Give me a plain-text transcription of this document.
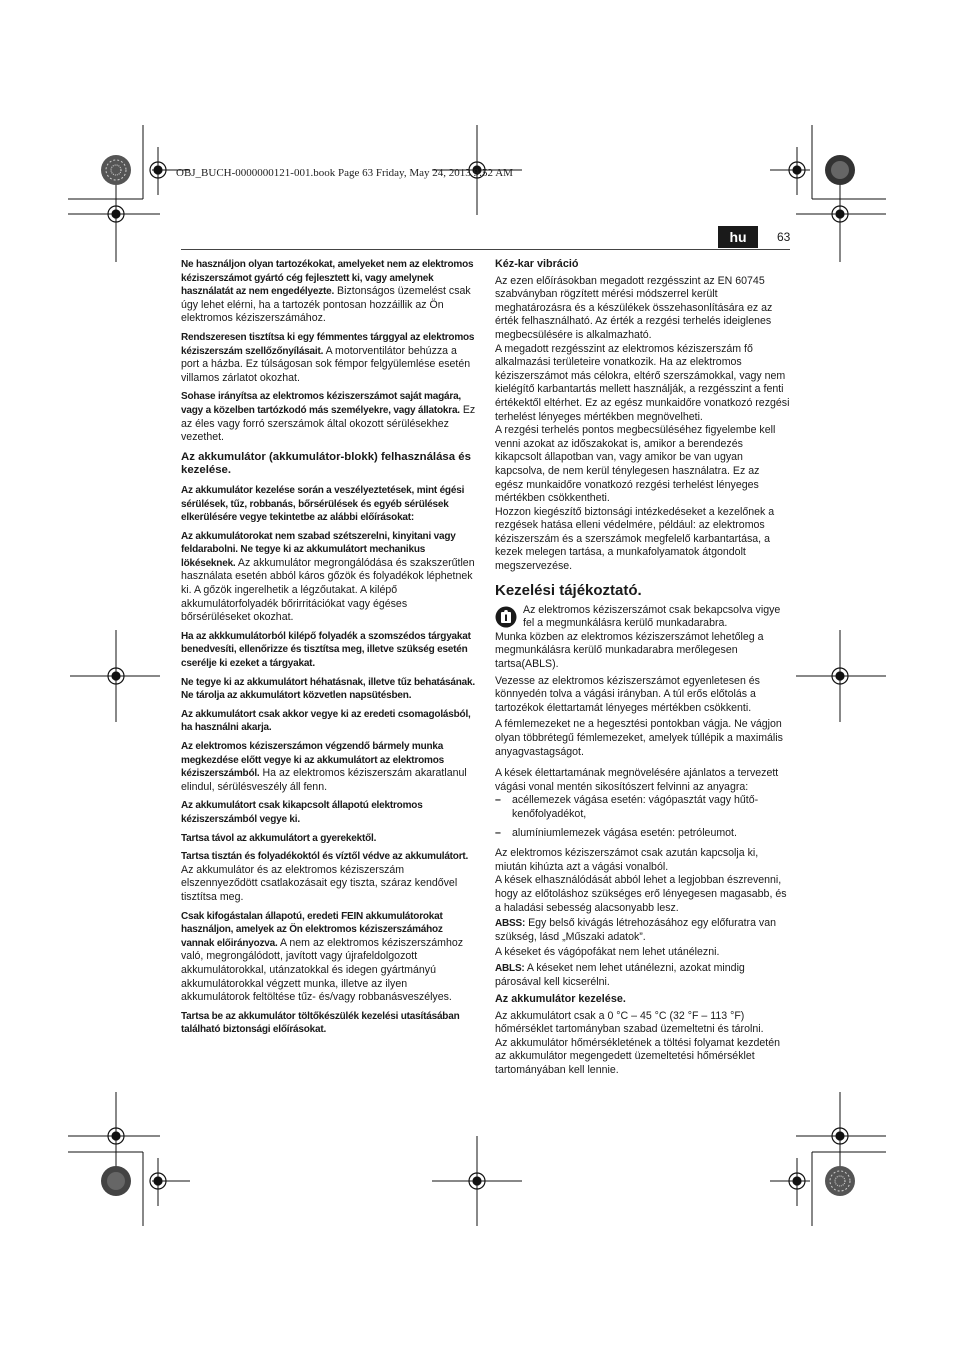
OBJ_BUCH-0000000121-001.book Page 63 Friday, May 24, 2013 9:52 AM
hu	63

Ne használjon olyan tartozékokat, amelyeket nem az elektromos kéziszerszámot gyártó cég fejlesztett ki, vagy amelynek használatát az nem engedélyezte. Biztonságos üzemelést csak úgy lehet elérni, ha a tartozék pontosan hozzáillik az Ön elektromos kéziszerszámához.

Rendszeresen tisztítsa ki egy fémmentes tárggyal az elektromos kéziszerszám szellőzőnyílásait. A motorventilátor behúzza a port a házba. Ez túlságosan sok fémpor felgyülemlése esetén villamos zárlatot okozhat.

Sohase irányítsa az elektromos kéziszerszámot saját magára, vagy a közelben tartózkodó más személyekre, vagy állatokra. Ez az éles vagy forró szerszámok által okozott sérülésekhez vezethet.

Az akkumulátor (akkumulátor-blokk) felhasználása és kezelése.

Az akkumulátor kezelése során a veszélyeztetések, mint égési sérülések, tűz, robbanás, bőrsérülések és egyéb sérülések elkerülésére vegye tekintetbe az alábbi előírásokat:

Az akkumulátorokat nem szabad szétszerelni, kinyitani vagy feldarabolni. Ne tegye ki az akkumulátort mechanikus lökéseknek. Az akkumulátor megrongálódása és szakszerűtlen használata esetén abból káros gőzök és folyadékok léphetnek ki. A gőzök ingerelhetik a légzőutakat. A kilépő akkumulátorfolyadék bőrirritációkat vagy égéses bőrsérüléseket okozhat.

Ha az akkkumulátorból kilépő folyadék a szomszédos tárgyakat benedvesíti, ellenőrizze és tisztítsa meg, illetve szükség esetén cserélje ki ezeket a tárgyakat.

Ne tegye ki az akkumulátort héhatásnak, illetve tűz behatásának. Ne tárolja az akkumulátort közvetlen napsütésben.

Az akkumulátort csak akkor vegye ki az eredeti csomagolásból, ha használni akarja.

Az elektromos kéziszerszámon végzendő bármely munka megkezdése előtt vegye ki az akkumulátort az elektromos kéziszerszámból. Ha az elektromos kéziszerszám akaratlanul elindul, sérülésveszély áll fenn.

Az akkumulátort csak kikapcsolt állapotú elektromos kéziszerszámból vegye ki.

Tartsa távol az akkumulátort a gyerekektől.

Tartsa tisztán és folyadékoktól és víztől védve az akkumulátort. Az akkumulátor és az elektromos kéziszerszám elszennyeződött csatlakozásait egy tiszta, száraz kendővel tisztítsa meg.

Csak kifogástalan állapotú, eredeti FEIN akkumulátorokat használjon, amelyek az Ön elektromos kéziszerszámához vannak előirányozva. A nem az elektromos kéziszerszámhoz való, megrongálódott, javított vagy újrafeldolgozott akkumulátorokkal, utánzatokkal és idegen gyártmányú akkumulátorokkal végzett munka, illetve az ilyen akkumulátorok feltöltése tűz- és/vagy robbanásveszélyes.

Tartsa be az akkumulátor töltőkészülék kezelési utasításában található biztonsági előírásokat.

Kéz-kar vibráció

Az ezen előírásokban megadott rezgésszint az EN 60745 szabványban rögzített mérési módszerrel került meghatározásra és a készülékek összehasonlítására ez az érték felhasználható. Az érték a rezgési terhelés ideiglenes megbecsülésére is alkalmazható.

A megadott rezgésszint az elektromos kéziszerszám fő alkalmazási területeire vonatkozik. Ha az elektromos kéziszerszámot más célokra, eltérő szerszámokkal, vagy nem kielégítő karbantartás mellett használják, a rezgésszint a fenti értékektől eltérhet. Ez az egész munkaidőre vonatkozó rezgési terhelést lényeges mértékben megnövelheti.

A rezgési terhelés pontos megbecsüléséhez figyelembe kell venni azokat az időszakokat is, amikor a berendezés kikapcsolt állapotban van, vagy amikor be van ugyan kapcsolva, de nem kerül ténylegesen használatra. Ez az egész munkaidőre vonatkozó rezgési terhelést lényeges mértékben csökkentheti.

Hozzon kiegészítő biztonsági intézkedéseket a kezelőnek a rezgések hatása elleni védelmére, például: az elektromos kéziszerszám és a szerszámok megfelelő karbantartása, a kezek melegen tartása, a munkafolyamatok átgondolt megszervezése.

Kezelési tájékoztató.
Az elektromos kéziszerszámot csak bekapcsolva vigye fel a megmunkálásra kerülő munkadarabra.

Munka közben az elektromos kéziszerszámot lehetőleg a megmunkálásra kerülő munkadarabra merőlegesen tartsa(ABLS).

Vezesse az elektromos kéziszerszámot egyenletesen és könnyedén tolva a vágási irányban. A túl erős előtolás a tartozékok élettartamát lényeges mértékben csökkenti.

A fémlemezeket ne a hegesztési pontokban vágja. Ne vágjon olyan többrétegű fémlemezeket, amelyek túllépik a maximális anyagvastagságot.

A kések élettartamának megnövelésére ajánlatos a tervezett vágási vonal mentén sikosítószert felvinni az anyagra:

– acéllemezek vágása esetén: vágópasztát vagy hűtő-kenőfolyadékot,

– alumíniumlemezek vágása esetén: petróleumot.

Az elektromos kéziszerszámot csak azután kapcsolja ki, miután kihúzta azt a vágási vonalból.

A kések elhasználódását abból lehet a legjobban észrevenni, hogy az előtoláshoz szükséges erő lényegesen magasabb, és a haladási sebesség alacsonyabb lesz.

ABSS: Egy belső kivágás létrehozásához egy előfuratra van szükség, lásd „Műszaki adatok”.

A késeket és vágópofákat nem lehet utánélezni.

ABLS: A késeket nem lehet utánélezni, azokat mindig párosával kell kicserélni.

Az akkumulátor kezelése.

Az akkumulátort csak a 0 °C – 45 °C (32 °F – 113 °F) hőmérséklet tartományban szabad üzemeltetni és tárolni.

Az akkumulátor hőmérsékletének a töltési folyamat kezdetén az akkumulátor megengedett üzemeltetési hőmérséklet tartományában kell lennie.
